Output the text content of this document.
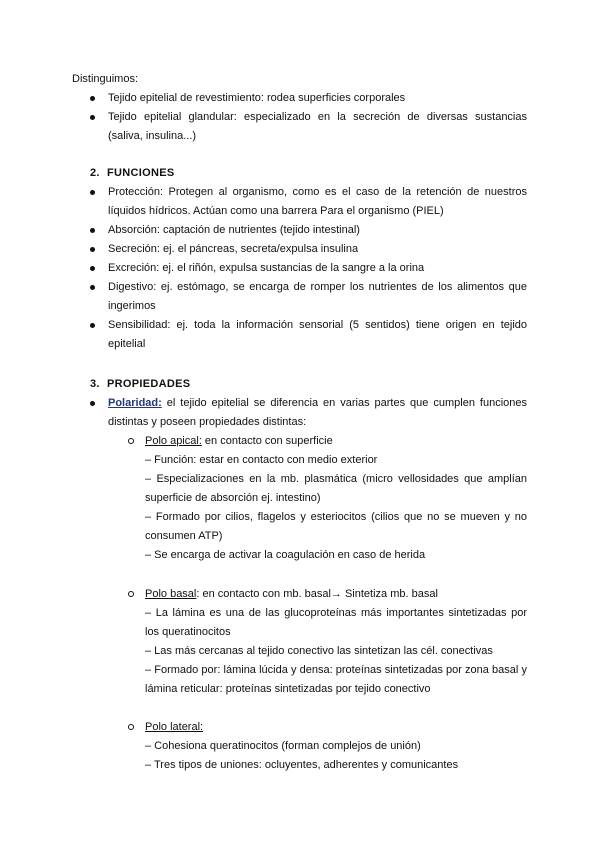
Distinguimos:
Tejido epitelial de revestimiento: rodea superficies corporales
Tejido epitelial glandular: especializado en la secreción de diversas sustancias (saliva, insulina...)
2. FUNCIONES
Protección: Protegen al organismo, como es el caso de la retención de nuestros líquidos hídricos. Actúan como una barrera Para el organismo (PIEL)
Absorción: captación de nutrientes (tejido intestinal)
Secreción: ej. el páncreas, secreta/expulsa insulina
Excreción: ej. el riñón, expulsa sustancias de la sangre a la orina
Digestivo: ej. estómago, se encarga de romper los nutrientes de los alimentos que ingerimos
Sensibilidad: ej. toda la información sensorial (5 sentidos) tiene origen en tejido epitelial
3. PROPIEDADES
Polaridad: el tejido epitelial se diferencia en varias partes que cumplen funciones distintas y poseen propiedades distintas:
Polo apical: en contacto con superficie
– Función: estar en contacto con medio exterior
– Especializaciones en la mb. plasmática (micro vellosidades que amplían superficie de absorción ej. intestino)
– Formado por cilios, flagelos y esteriocitos (cilios que no se mueven y no consumen ATP)
– Se encarga de activar la coagulación en caso de herida
Polo basal: en contacto con mb. basal→ Sintetiza mb. basal
– La lámina es una de las glucoproteínas más importantes sintetizadas por los queratinocitos
– Las más cercanas al tejido conectivo las sintetizan las cél. conectivas
– Formado por: lámina lúcida y densa: proteínas sintetizadas por zona basal y lámina reticular: proteínas sintetizadas por tejido conectivo
Polo lateral:
– Cohesiona queratinocitos (forman complejos de unión)
– Tres tipos de uniones: ocluyentes, adherentes y comunicantes
